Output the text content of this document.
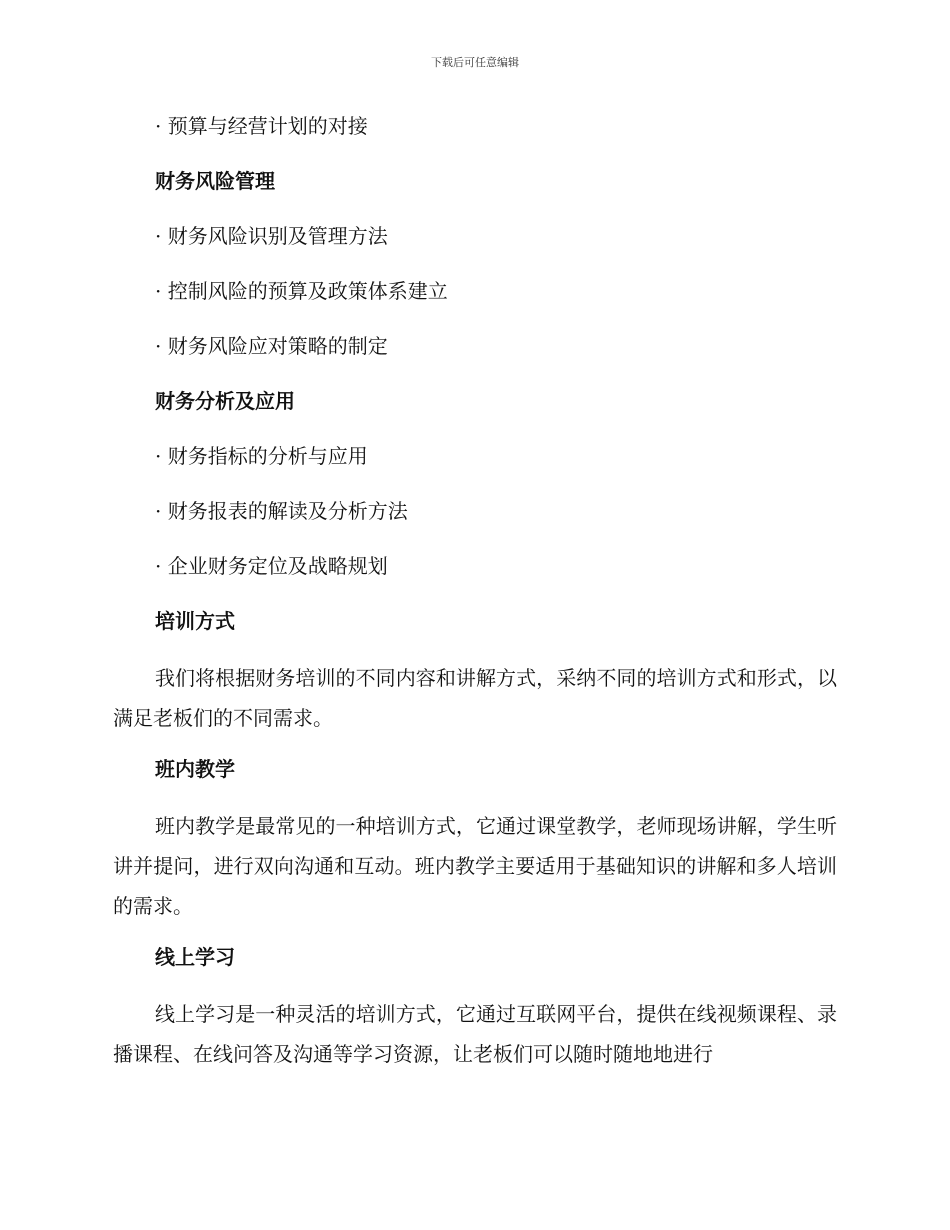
下载后可任意编辑
· 预算与经营计划的对接
财务风险管理
· 财务风险识别及管理方法
· 控制风险的预算及政策体系建立
· 财务风险应对策略的制定
财务分析及应用
· 财务指标的分析与应用
· 财务报表的解读及分析方法
· 企业财务定位及战略规划
培训方式
我们将根据财务培训的不同内容和讲解方式，采纳不同的培训方式和形式，以满足老板们的不同需求。
班内教学
班内教学是最常见的一种培训方式，它通过课堂教学，老师现场讲解，学生听讲并提问，进行双向沟通和互动。班内教学主要适用于基础知识的讲解和多人培训的需求。
线上学习
线上学习是一种灵活的培训方式，它通过互联网平台，提供在线视频课程、录播课程、在线问答及沟通等学习资源，让老板们可以随时随地地进行
